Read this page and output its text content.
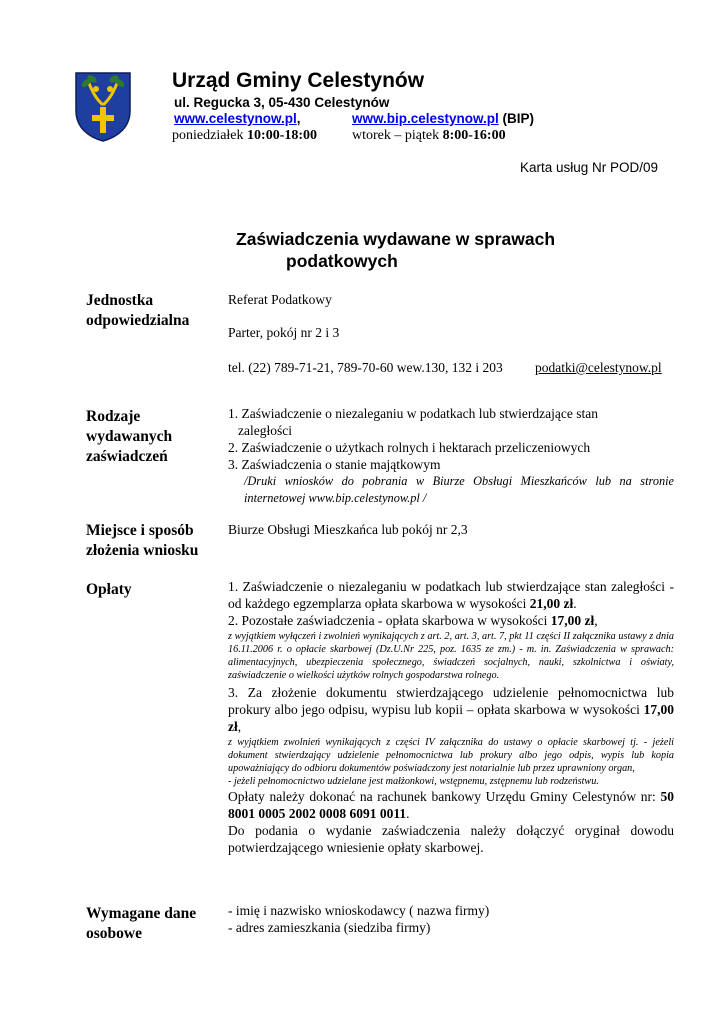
Urząd Gminy Celestynów
ul. Regucka 3, 05-430 Celestynów
www.celestynow.pl,	www.bip.celestynow.pl (BIP)
poniedziałek 10:00-18:00 wtorek – piątek 8:00-16:00
Karta usług Nr POD/09
Zaświadczenia wydawane w sprawach
podatkowych
Jednostka
odpowiedzialna
Referat Podatkowy
Parter, pokój nr 2 i 3
tel. (22) 789-71-21, 789-70-60 wew.130, 132 i 203 podatki@celestynow.pl
Rodzaje
wydawanych
zaświadczeń
1. Zaświadczenie o niezaleganiu w podatkach lub stwierdzające stan
zaległości
2. Zaświadczenie o użytkach rolnych i hektarach przeliczeniowych
3. Zaświadczenia o stanie majątkowym
/Druki wniosków do pobrania w Biurze Obsługi Mieszkańców lub na stronie internetowej www.bip.celestynow.pl /
Miejsce i sposób
złożenia wniosku
Biurze Obsługi Mieszkańca lub pokój nr 2,3
Opłaty	1. Zaświadczenie o niezaleganiu w podatkach lub stwierdzające stan zaległości -od każdego egzemplarza opłata skarbowa w wysokości 21,00 zł.

2. Pozostałe zaświadczenia - opłata skarbowa w wysokości 17,00 zł,

z wyjątkiem wyłączeń i zwolnień wynikających z art. 2, art. 3, art. 7, pkt 11 części II załącznika ustawy z dnia 16.11.2006 r. o opłacie skarbowej (Dz.U.Nr 225, poz. 1635 ze zm.) - m. in. Zaświadczenia w sprawach: alimentacyjnych, ubezpieczenia społecznego, świadczeń socjalnych, nauki, szkolnictwa i oświaty, zaświadczenie o wielkości użytków rolnych gospodarstwa rolnego.

3. Za złożenie dokumentu stwierdzającego udzielenie pełnomocnictwa lub prokury albo jego odpisu, wypisu lub kopii – opłata skarbowa w wysokości 17,00 zł,

z wyjątkiem zwolnień wynikających z części IV załącznika do ustawy o opłacie skarbowej tj. - jeżeli dokument stwierdzający udzielenie pełnomocnictwa lub prokury albo jego odpis, wypis lub kopia upoważniający do odbioru dokumentów poświadczony jest notarialnie lub przez uprawniony organ,

- jeżeli pełnomocnictwo udzielane jest małżonkowi, wstępnemu, zstępnemu lub rodzeństwu.

Opłaty należy dokonać na rachunek bankowy Urzędu Gminy Celestynów nr: 50 8001 0005 2002 0008 6091 0011.

Do podania o wydanie zaświadczenia należy dołączyć oryginał dowodu potwierdzającego wniesienie opłaty skarbowej.

Wymagane dane
osobowe
- imię i nazwisko wnioskodawcy ( nazwa firmy)
- adres zamieszkania (siedziba firmy)
